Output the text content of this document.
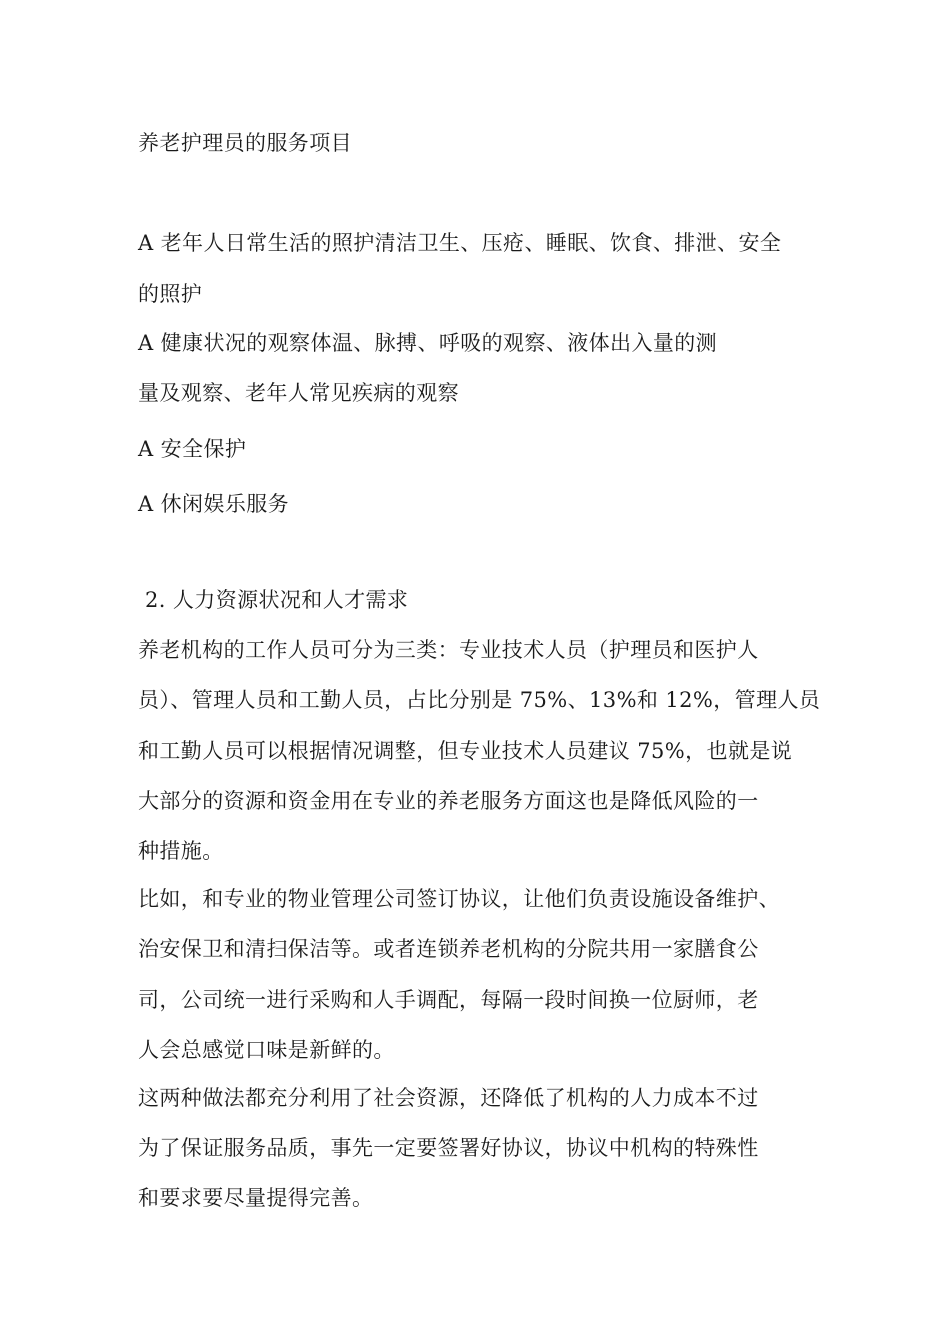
养老护理员的服务项目
A 老年人日常生活的照护清洁卫生、压疮、睡眠、饮食、排泄、安全
的照护
A 健康状况的观察体温、脉搏、呼吸的观察、液体出入量的测
量及观察、老年人常见疾病的观察
A 安全保护
A 休闲娱乐服务
2. 人力资源状况和人才需求
养老机构的工作人员可分为三类：专业技术人员（护理员和医护人
员）、管理人员和工勤人员，占比分别是 75%、13%和 12%，管理人员
和工勤人员可以根据情况调整，但专业技术人员建议 75%，也就是说
大部分的资源和资金用在专业的养老服务方面这也是降低风险的一
种措施。
比如，和专业的物业管理公司签订协议，让他们负责设施设备维护、
治安保卫和清扫保洁等。或者连锁养老机构的分院共用一家膳食公
司，公司统一进行采购和人手调配，每隔一段时间换一位厨师，老
人会总感觉口味是新鲜的。
这两种做法都充分利用了社会资源，还降低了机构的人力成本不过
为了保证服务品质，事先一定要签署好协议，协议中机构的特殊性
和要求要尽量提得完善。
